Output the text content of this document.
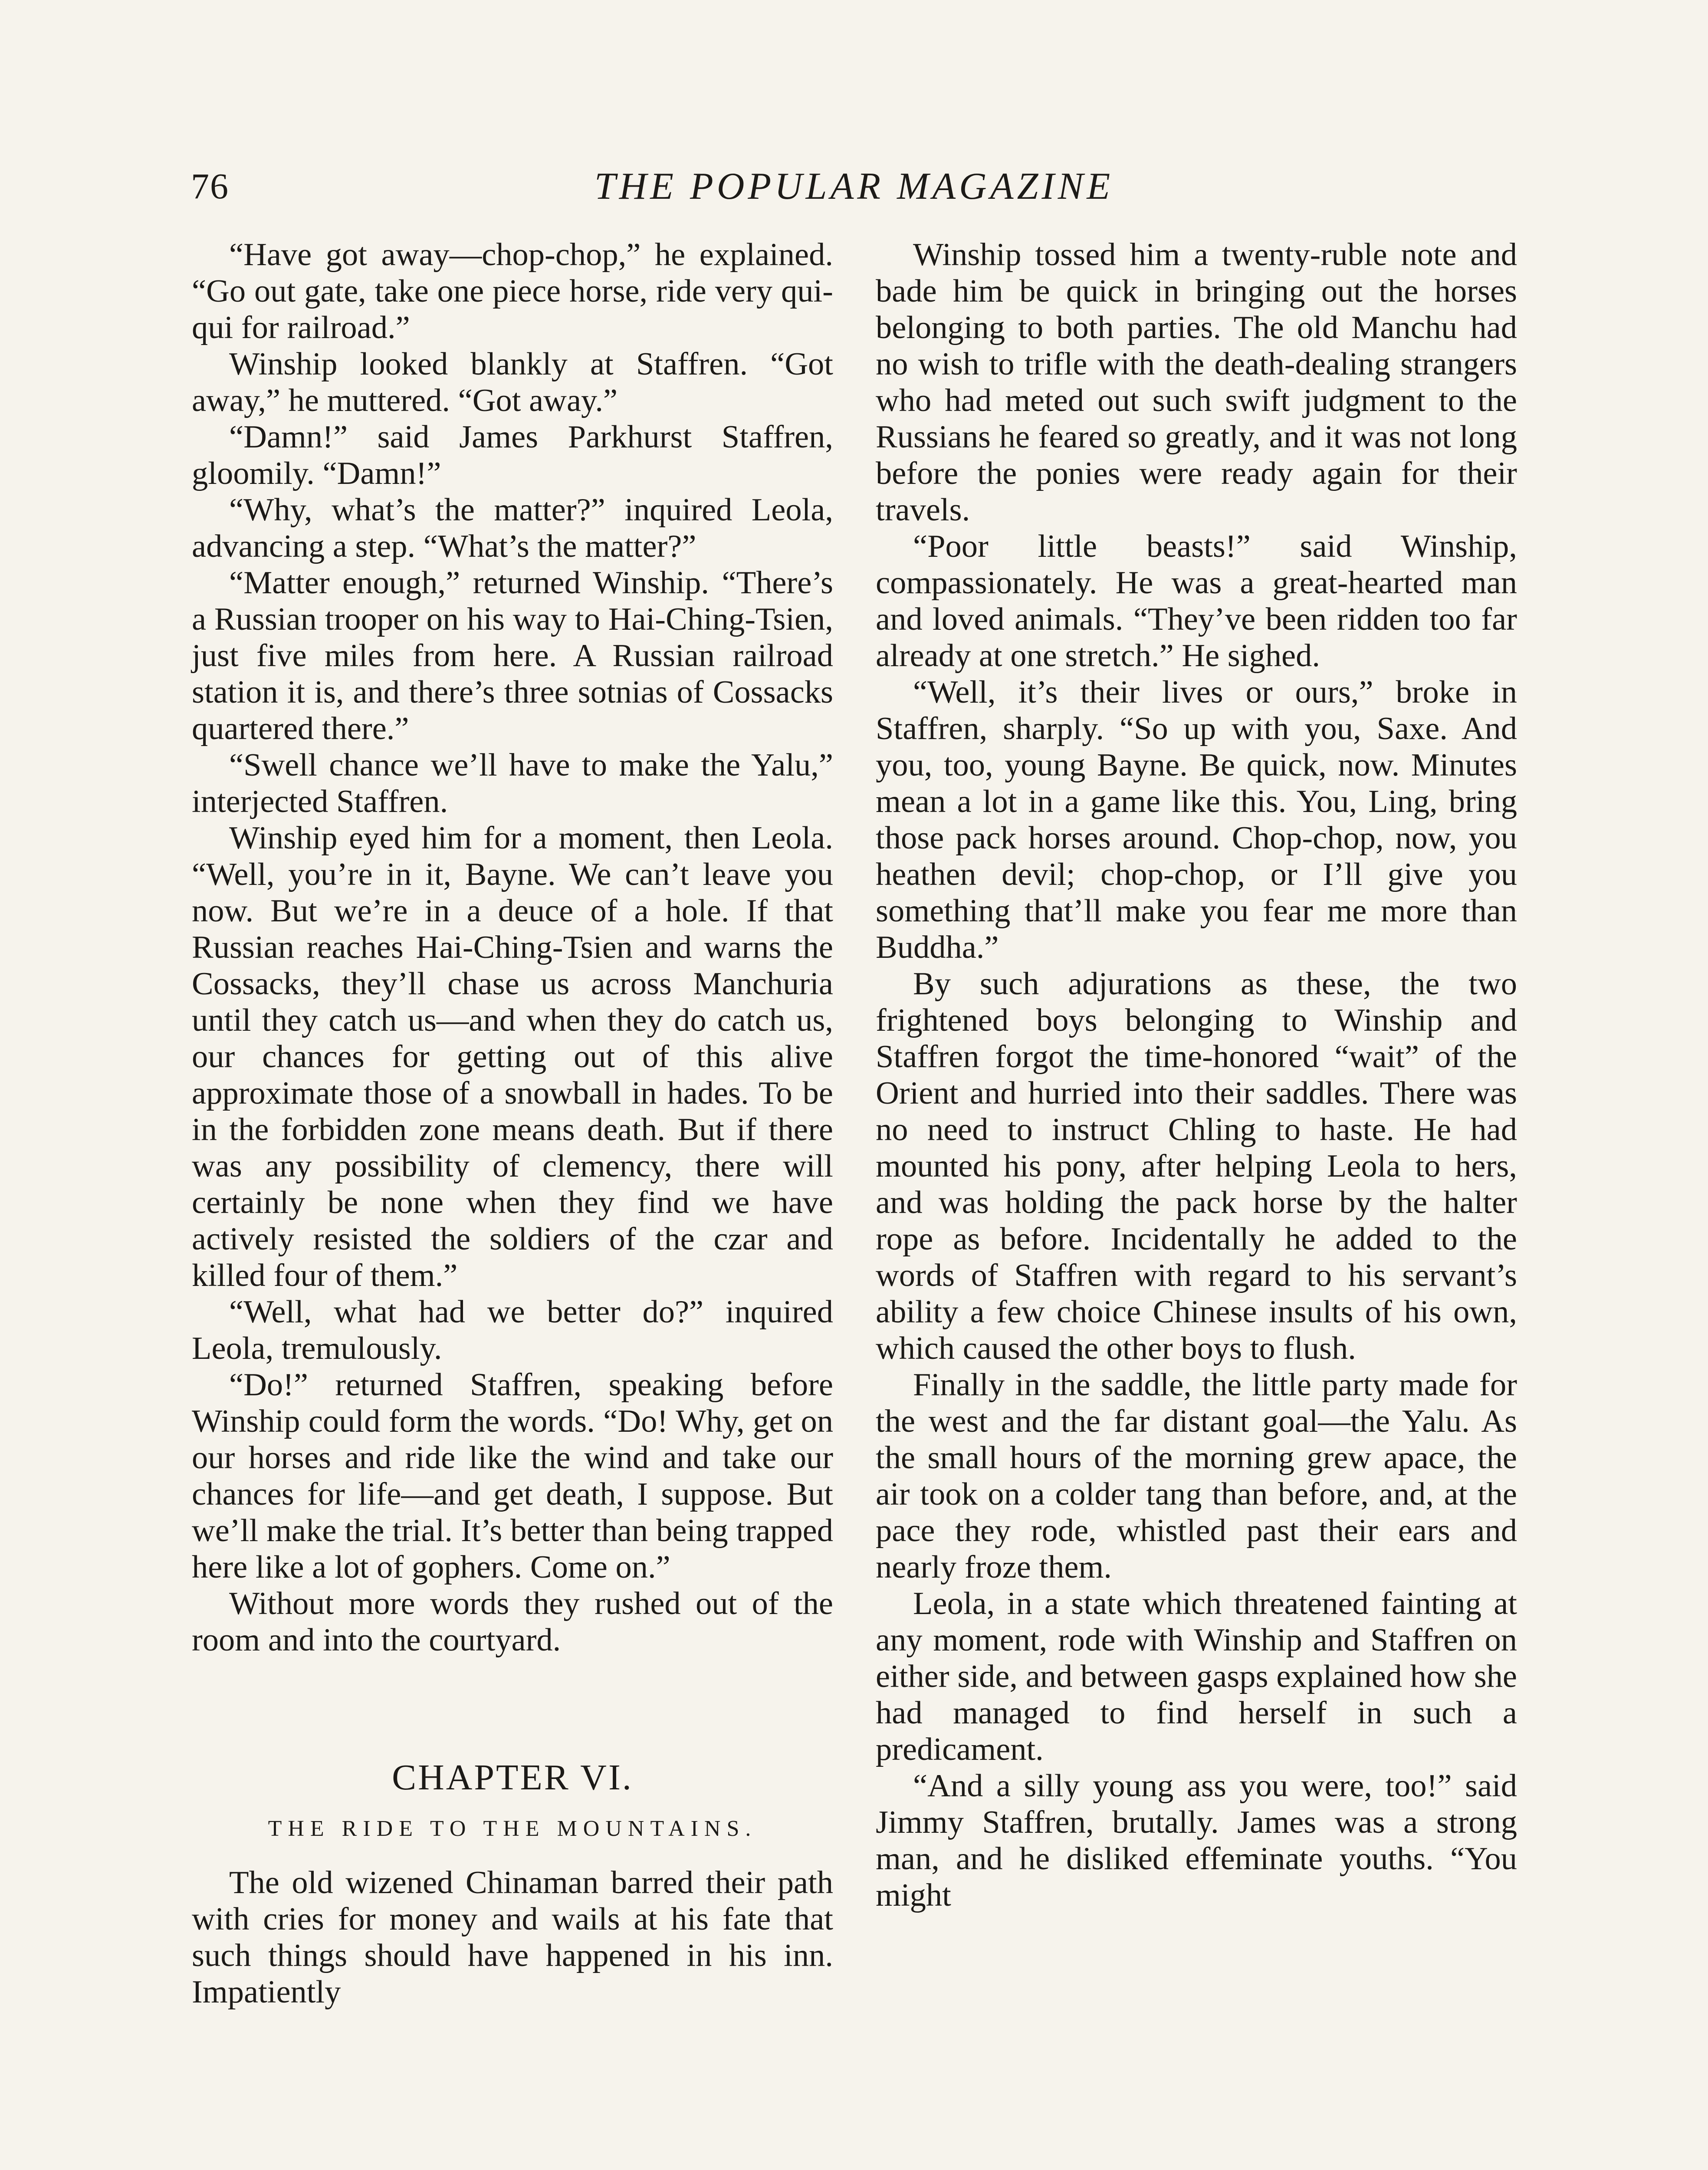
76	THE POPULAR MAGAZINE

“Have got away—chop-chop,” he explained. “Go out gate, take one piece horse, ride very qui-qui for railroad.”

Winship looked blankly at Staffren. “Got away,” he muttered. “Got away.”

“Damn!” said James Parkhurst Staffren, gloomily. “Damn!”

“Why, what’s the matter?” inquired Leola, advancing a step. “What’s the matter?”

“Matter enough,” returned Winship. “There’s a Russian trooper on his way to Hai-Ching-Tsien, just five miles from here. A Russian railroad station it is, and there’s three sotnias of Cossacks quartered there.”

“Swell chance we’ll have to make the Yalu,” interjected Staffren.

Winship eyed him for a moment, then Leola. “Well, you’re in it, Bayne. We can’t leave you now. But we’re in a deuce of a hole. If that Russian reaches Hai-Ching-Tsien and warns the Cossacks, they’ll chase us across Manchuria until they catch us—and when they do catch us, our chances for getting out of this alive approximate those of a snowball in hades. To be in the forbidden zone means death. But if there was any possibility of clemency, there will certainly be none when they find we have actively resisted the soldiers of the czar and killed four of them.”

“Well, what had we better do?” inquired Leola, tremulously.

“Do!” returned Staffren, speaking before Winship could form the words. “Do! Why, get on our horses and ride like the wind and take our chances for life—and get death, I suppose. But we’ll make the trial. It’s better than being trapped here like a lot of gophers. Come on.”

Without more words they rushed out of the room and into the courtyard.

CHAPTER VI.
THE RIDE TO THE MOUNTAINS.

The old wizened Chinaman barred their path with cries for money and wails at his fate that such things should have happened in his inn. Impatiently

Winship tossed him a twenty-ruble note and bade him be quick in bringing out the horses belonging to both parties. The old Manchu had no wish to trifle with the death-dealing strangers who had meted out such swift judgment to the Russians he feared so greatly, and it was not long before the ponies were ready again for their travels.

“Poor little beasts!” said Winship, compassionately. He was a great-hearted man and loved animals. “They’ve been ridden too far already at one stretch.” He sighed.

“Well, it’s their lives or ours,” broke in Staffren, sharply. “So up with you, Saxe. And you, too, young Bayne. Be quick, now. Minutes mean a lot in a game like this. You, Ling, bring those pack horses around. Chop-chop, now, you heathen devil; chop-chop, or I’ll give you something that’ll make you fear me more than Buddha.”

By such adjurations as these, the two frightened boys belonging to Winship and Staffren forgot the time-honored “wait” of the Orient and hurried into their saddles. There was no need to instruct Chling to haste. He had mounted his pony, after helping Leola to hers, and was holding the pack horse by the halter rope as before. Incidentally he added to the words of Staffren with regard to his servant’s ability a few choice Chinese insults of his own, which caused the other boys to flush.

Finally in the saddle, the little party made for the west and the far distant goal—the Yalu. As the small hours of the morning grew apace, the air took on a colder tang than before, and, at the pace they rode, whistled past their ears and nearly froze them.

Leola, in a state which threatened fainting at any moment, rode with Winship and Staffren on either side, and between gasps explained how she had managed to find herself in such a predicament.

“And a silly young ass you were, too!” said Jimmy Staffren, brutally. James was a strong man, and he disliked effeminate youths. “You might
